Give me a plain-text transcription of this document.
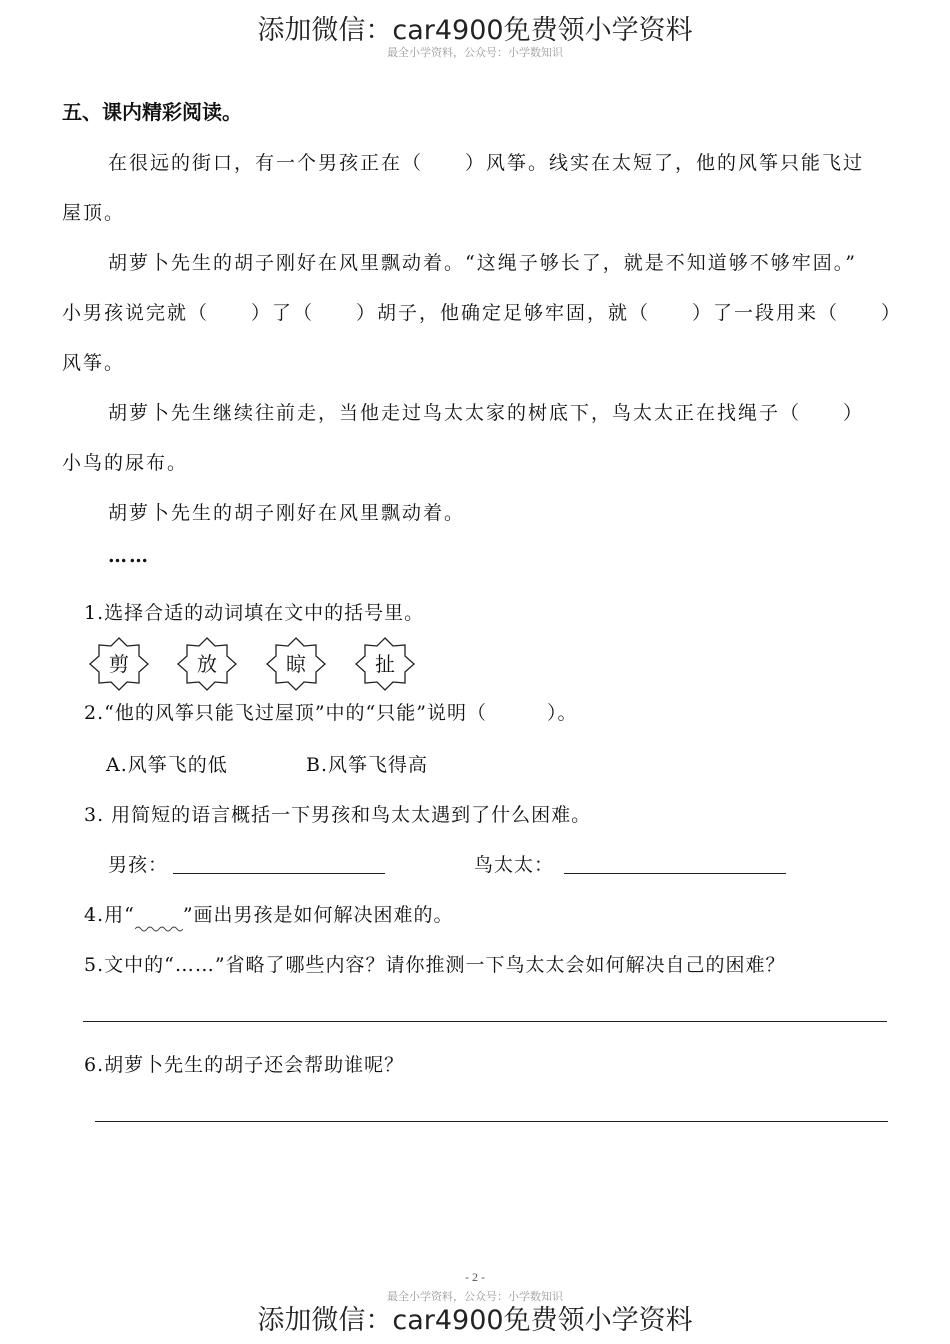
添加微信：car4900免费领小学资料
最全小学资料，公众号：小学数知识
五、课内精彩阅读。
在很远的街口，有一个男孩正在（　　）风筝。线实在太短了，他的风筝只能飞过
屋顶。
胡萝卜先生的胡子刚好在风里飘动着。“这绳子够长了，就是不知道够不够牢固。”
小男孩说完就（　　）了（　　）胡子，他确定足够牢固，就（　　）了一段用来（　　）
风筝。
胡萝卜先生继续往前走，当他走过鸟太太家的树底下，鸟太太正在找绳子（　　）
小鸟的尿布。
胡萝卜先生的胡子刚好在风里飘动着。
……
1.选择合适的动词填在文中的括号里。
剪	放	晾	扯
2.“他的风筝只能飞过屋顶”中的“只能”说明（　　　）。
A.风筝飞的低	B.风筝飞得高
3. 用简短的语言概括一下男孩和鸟太太遇到了什么困难。
男孩：	鸟太太：
4.用“	”画出男孩是如何解决困难的。
5.文中的“……”省略了哪些内容？请你推测一下鸟太太会如何解决自己的困难？
6.胡萝卜先生的胡子还会帮助谁呢？
- 2 -
最全小学资料，公众号：小学数知识
添加微信：car4900免费领小学资料
